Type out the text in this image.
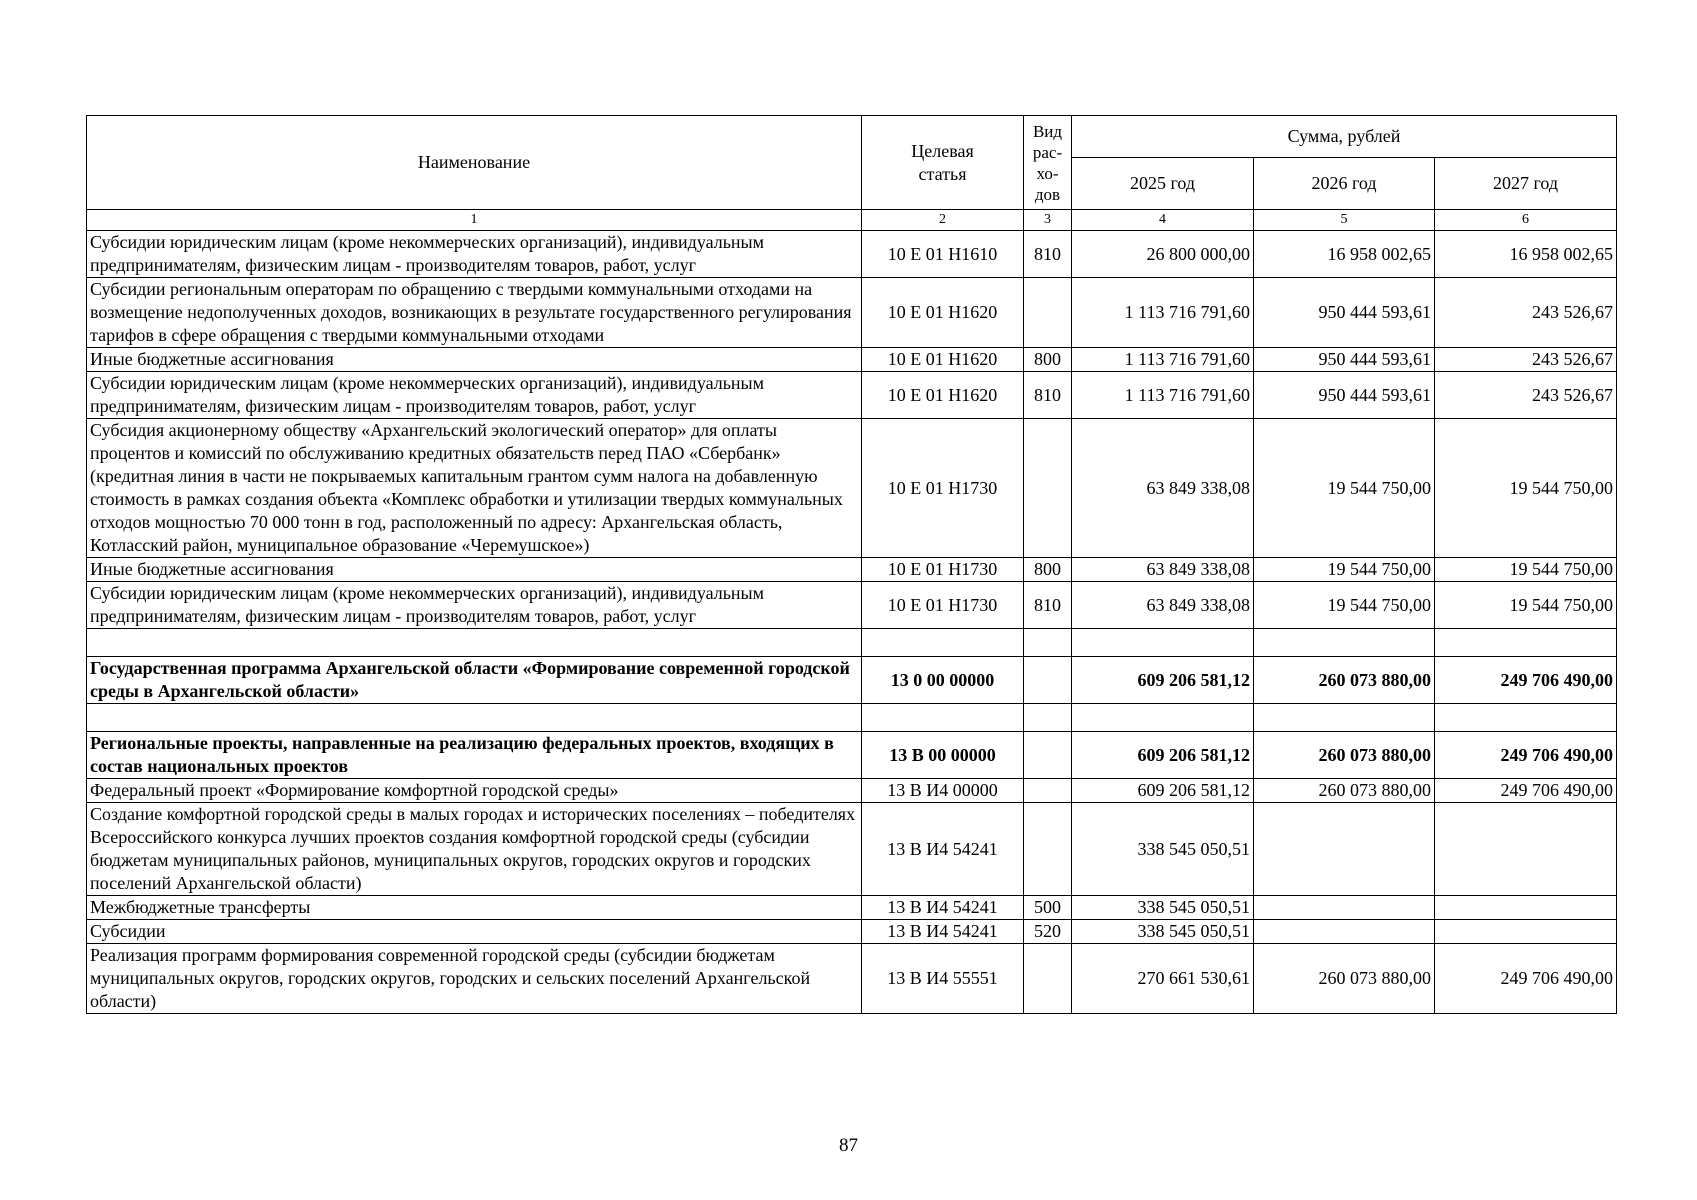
Наименование	Целевая статья	Вид рас-хо-дов	Сумма, рублей		
			2025 год	2026 год	2027 год
1	2	3	4	5	6
Субсидии юридическим лицам (кроме некоммерческих организаций), индивидуальным предпринимателям, физическим лицам - производителям товаров, работ, услуг	10 Е 01 Н1610	810	26 800 000,00	16 958 002,65	16 958 002,65
Субсидии региональным операторам по обращению с твердыми коммунальными отходами на возмещение недополученных доходов, возникающих в результате государственного регулирования тарифов в сфере обращения с твердыми коммунальными отходами	10 Е 01 Н1620		1 113 716 791,60	950 444 593,61	243 526,67
Иные бюджетные ассигнования	10 Е 01 Н1620	800	1 113 716 791,60	950 444 593,61	243 526,67
Субсидии юридическим лицам (кроме некоммерческих организаций), индивидуальным предпринимателям, физическим лицам - производителям товаров, работ, услуг	10 Е 01 Н1620	810	1 113 716 791,60	950 444 593,61	243 526,67
Субсидия акционерному обществу «Архангельский экологический оператор» для оплаты процентов и комиссий по обслуживанию кредитных обязательств перед ПАО «Сбербанк» (кредитная линия в части не покрываемых капитальным грантом сумм налога на добавленную стоимость в рамках создания объекта «Комплекс обработки и утилизации твердых коммунальных отходов мощностью 70 000 тонн в год, расположенный по адресу: Архангельская область, Котласский район, муниципальное образование «Черемушское»)	10 Е 01 Н1730		63 849 338,08	19 544 750,00	19 544 750,00
Иные бюджетные ассигнования	10 Е 01 Н1730	800	63 849 338,08	19 544 750,00	19 544 750,00
Субсидии юридическим лицам (кроме некоммерческих организаций), индивидуальным предпринимателям, физическим лицам - производителям товаров, работ, услуг	10 Е 01 Н1730	810	63 849 338,08	19 544 750,00	19 544 750,00

Государственная программа Архангельской области «Формирование современной городской среды в Архангельской области»	13 0 00 00000		609 206 581,12	260 073 880,00	249 706 490,00

Региональные проекты, направленные на реализацию федеральных проектов, входящих в состав национальных проектов	13 В 00 00000		609 206 581,12	260 073 880,00	249 706 490,00
Федеральный проект «Формирование комфортной городской среды»	13 В И4 00000		609 206 581,12	260 073 880,00	249 706 490,00
Создание комфортной городской среды в малых городах и исторических поселениях – победителях Всероссийского конкурса лучших проектов создания комфортной городской среды (субсидии бюджетам муниципальных районов, муниципальных округов, городских округов и городских поселений Архангельской области)	13 В И4 54241		338 545 050,51		
Межбюджетные трансферты	13 В И4 54241	500	338 545 050,51		
Субсидии	13 В И4 54241	520	338 545 050,51		
Реализация программ формирования современной городской среды (субсидии бюджетам муниципальных округов, городских округов, городских и сельских поселений Архангельской области)	13 В И4 55551		270 661 530,61	260 073 880,00	249 706 490,00
87
